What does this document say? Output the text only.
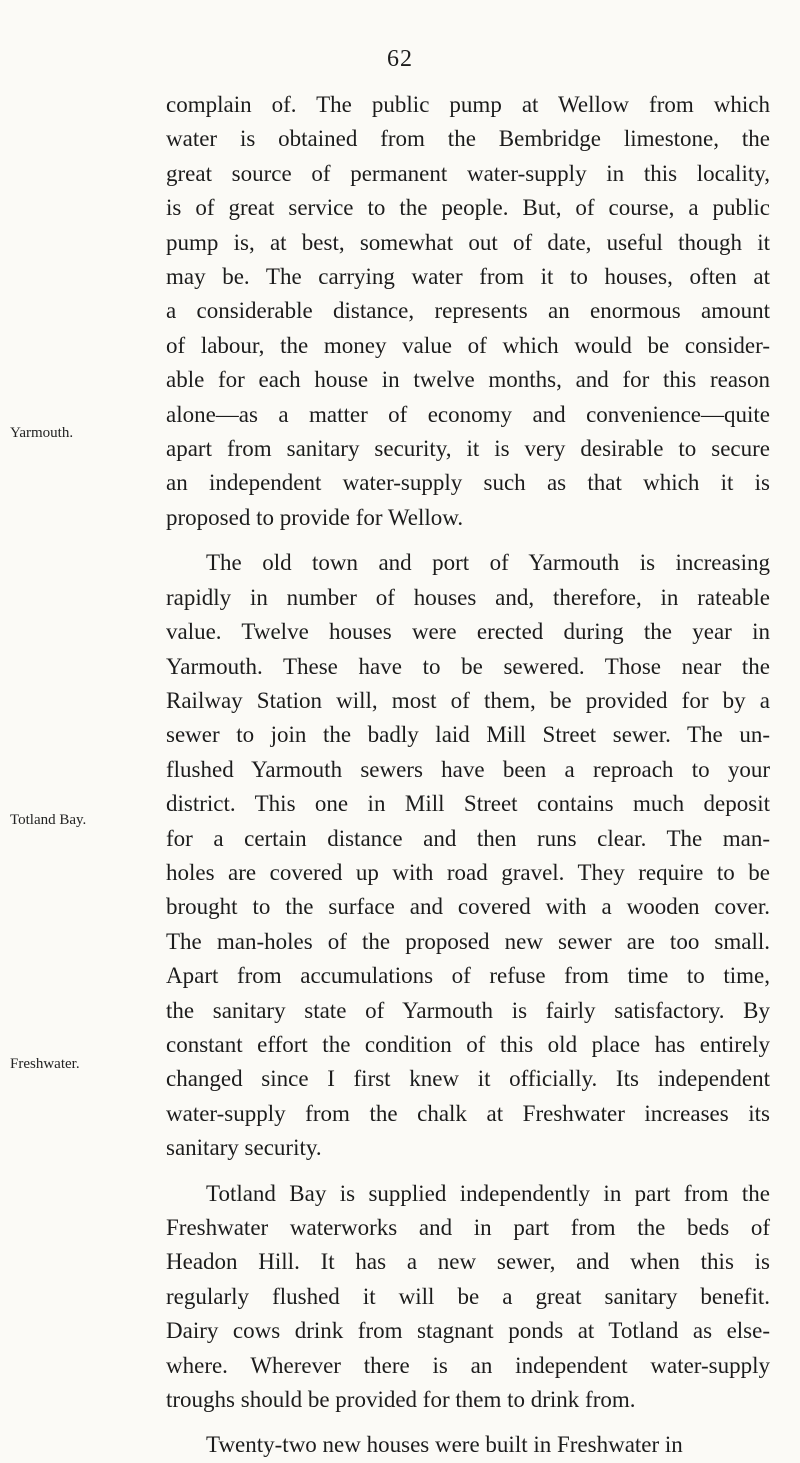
62
Freshwater.
Totland Bay.
Yarmouth.
complain of. The public pump at Wellow from which
water is obtained from the Bembridge limestone, the
great source of permanent water-supply in this locality,
is of great service to the people. But, of course, a public
pump is, at best, somewhat out of date, useful though it
may be. The carrying water from it to houses, often at
a considerable distance, represents an enormous amount
of labour, the money value of which would be consider-
able for each house in twelve months, and for this reason
alone—as a matter of economy and convenience—quite
apart from sanitary security, it is very desirable to secure
an independent water-supply such as that which it is
proposed to provide for Wellow.
The old town and port of Yarmouth is increasing
rapidly in number of houses and, therefore, in rateable
value. Twelve houses were erected during the year in
Yarmouth. These have to be sewered. Those near the
Railway Station will, most of them, be provided for by a
sewer to join the badly laid Mill Street sewer. The un-
flushed Yarmouth sewers have been a reproach to your
district. This one in Mill Street contains much deposit
for a certain distance and then runs clear. The man-
holes are covered up with road gravel. They require to be
brought to the surface and covered with a wooden cover.
The man-holes of the proposed new sewer are too small.
Apart from accumulations of refuse from time to time,
the sanitary state of Yarmouth is fairly satisfactory. By
constant effort the condition of this old place has entirely
changed since I first knew it officially. Its independent
water-supply from the chalk at Freshwater increases its
sanitary security.
Totland Bay is supplied independently in part from the
Freshwater waterworks and in part from the beds of
Headon Hill. It has a new sewer, and when this is
regularly flushed it will be a great sanitary benefit.
Dairy cows drink from stagnant ponds at Totland as else-
where. Wherever there is an independent water-supply
troughs should be provided for them to drink from.
Twenty-two new houses were built in Freshwater in
